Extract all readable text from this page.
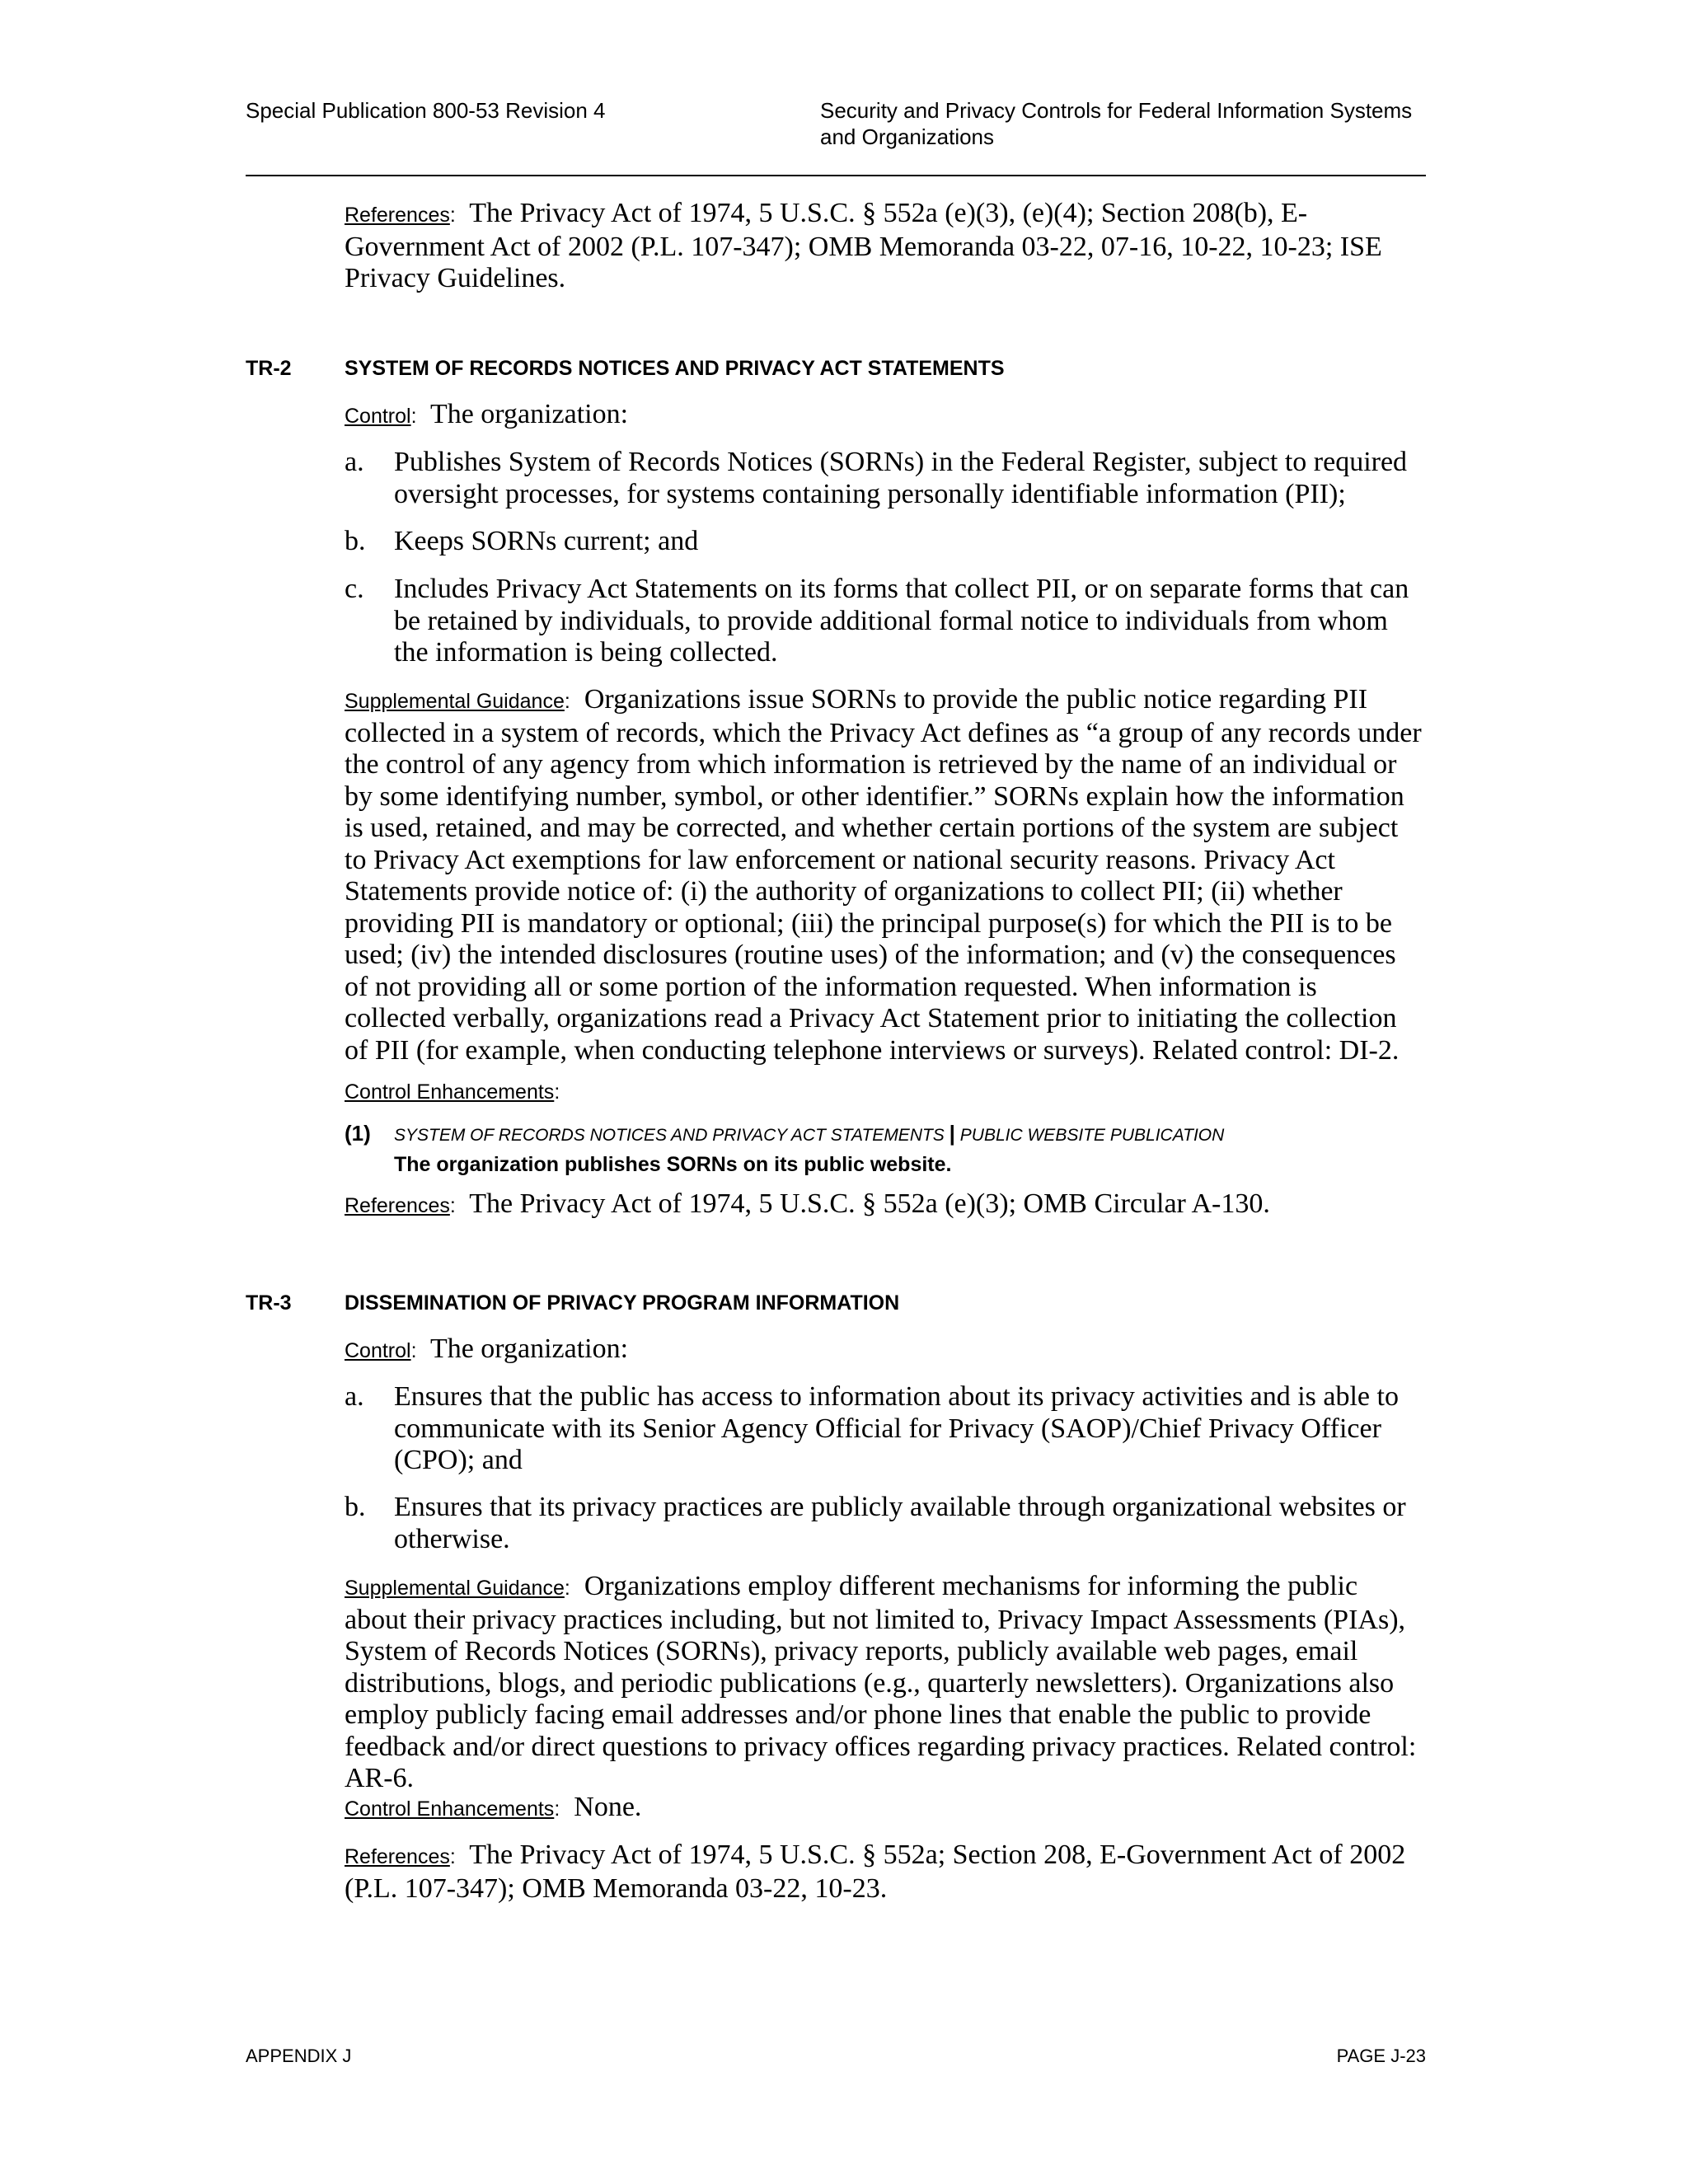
Special Publication 800-53 Revision 4	Security and Privacy Controls for Federal Information Systems and Organizations
References: The Privacy Act of 1974, 5 U.S.C. § 552a (e)(3), (e)(4); Section 208(b), E-Government Act of 2002 (P.L. 107-347); OMB Memoranda 03-22, 07-16, 10-22, 10-23; ISE Privacy Guidelines.
TR-2	SYSTEM OF RECORDS NOTICES AND PRIVACY ACT STATEMENTS
Control: The organization:
a. Publishes System of Records Notices (SORNs) in the Federal Register, subject to required oversight processes, for systems containing personally identifiable information (PII);
b. Keeps SORNs current; and
c. Includes Privacy Act Statements on its forms that collect PII, or on separate forms that can be retained by individuals, to provide additional formal notice to individuals from whom the information is being collected.
Supplemental Guidance: Organizations issue SORNs to provide the public notice regarding PII collected in a system of records, which the Privacy Act defines as “a group of any records under the control of any agency from which information is retrieved by the name of an individual or by some identifying number, symbol, or other identifier.” SORNs explain how the information is used, retained, and may be corrected, and whether certain portions of the system are subject to Privacy Act exemptions for law enforcement or national security reasons. Privacy Act Statements provide notice of: (i) the authority of organizations to collect PII; (ii) whether providing PII is mandatory or optional; (iii) the principal purpose(s) for which the PII is to be used; (iv) the intended disclosures (routine uses) of the information; and (v) the consequences of not providing all or some portion of the information requested. When information is collected verbally, organizations read a Privacy Act Statement prior to initiating the collection of PII (for example, when conducting telephone interviews or surveys). Related control: DI-2.
Control Enhancements:
(1) SYSTEM OF RECORDS NOTICES AND PRIVACY ACT STATEMENTS | PUBLIC WEBSITE PUBLICATION
The organization publishes SORNs on its public website.
References: The Privacy Act of 1974, 5 U.S.C. § 552a (e)(3); OMB Circular A-130.
TR-3	DISSEMINATION OF PRIVACY PROGRAM INFORMATION
Control: The organization:
a. Ensures that the public has access to information about its privacy activities and is able to communicate with its Senior Agency Official for Privacy (SAOP)/Chief Privacy Officer (CPO); and
b. Ensures that its privacy practices are publicly available through organizational websites or otherwise.
Supplemental Guidance: Organizations employ different mechanisms for informing the public about their privacy practices including, but not limited to, Privacy Impact Assessments (PIAs), System of Records Notices (SORNs), privacy reports, publicly available web pages, email distributions, blogs, and periodic publications (e.g., quarterly newsletters). Organizations also employ publicly facing email addresses and/or phone lines that enable the public to provide feedback and/or direct questions to privacy offices regarding privacy practices. Related control: AR-6.
Control Enhancements: None.
References: The Privacy Act of 1974, 5 U.S.C. § 552a; Section 208, E-Government Act of 2002 (P.L. 107-347); OMB Memoranda 03-22, 10-23.
APPENDIX J	PAGE J-23
